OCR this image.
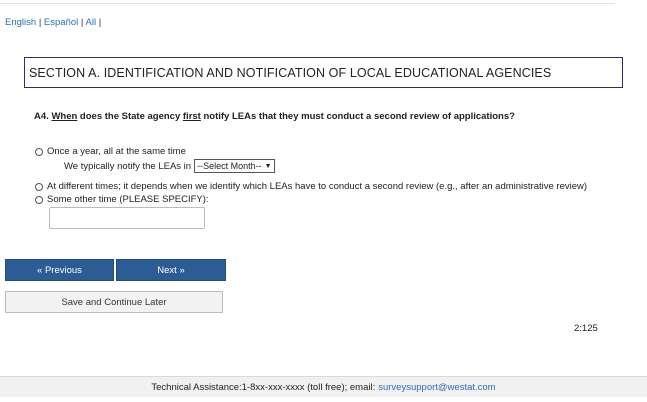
English | Español | All |
SECTION A. IDENTIFICATION AND NOTIFICATION OF LOCAL EDUCATIONAL AGENCIES
A4. When does the State agency first notify LEAs that they must conduct a second review of applications?
Once a year, all at the same time
We typically notify the LEAs in --Select Month-- ▼
At different times; it depends when we identify which LEAs have to conduct a second review (e.g., after an administrative review)
Some other time (PLEASE SPECIFY):
« Previous	Next »
Save and Continue Later
2:125
Technical Assistance:1-8xx-xxx-xxxx (toll free); email: surveysupport@westat.com
